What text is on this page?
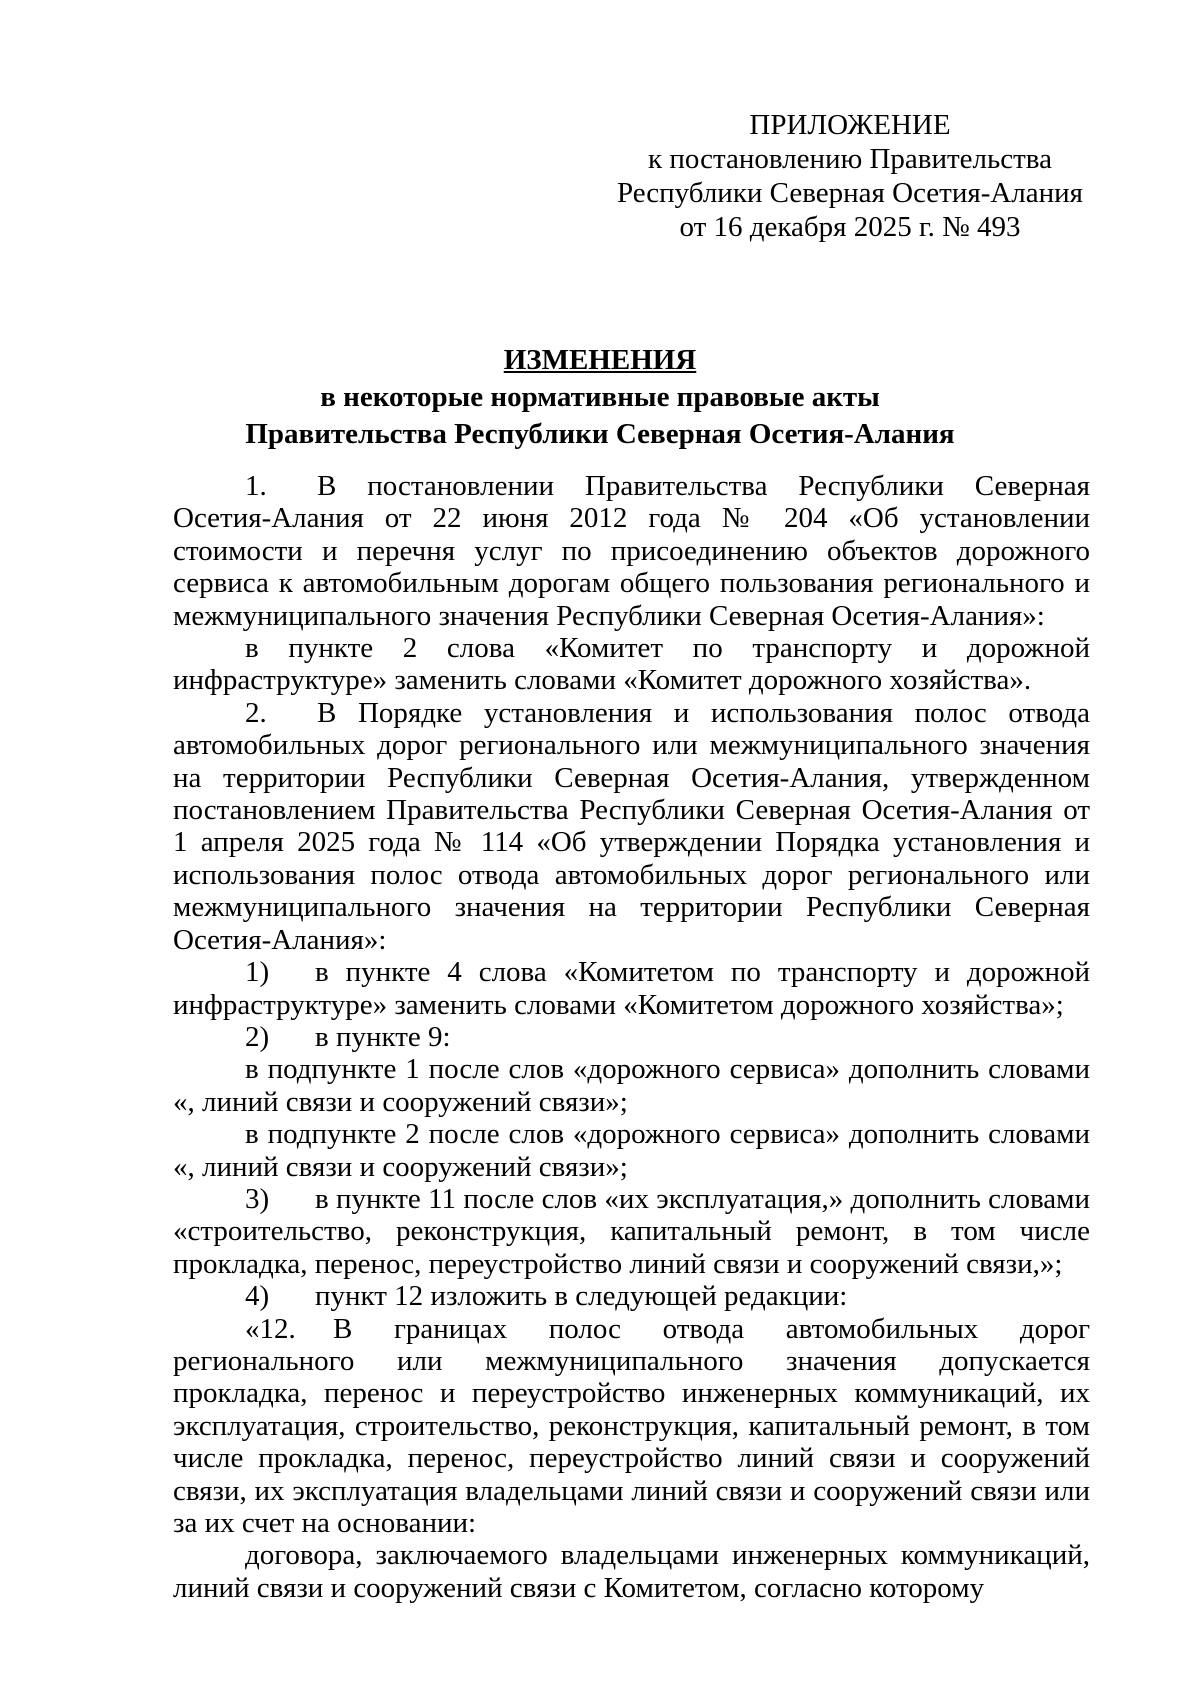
ПРИЛОЖЕНИЕ
к постановлению Правительства
Республики Северная Осетия-Алания
от 16 декабря 2025 г. № 493
ИЗМЕНЕНИЯ
в некоторые нормативные правовые акты
Правительства Республики Северная Осетия-Алания

1. В постановлении Правительства Республики Северная Осетия-Алания от 22 июня 2012 года № 204 «Об установлении стоимости и перечня услуг по присоединению объектов дорожного сервиса к автомобильным дорогам общего пользования регионального и межмуниципального значения Республики Северная Осетия-Алания»:

в пункте 2 слова «Комитет по транспорту и дорожной инфраструктуре» заменить словами «Комитет дорожного хозяйства».

2. В Порядке установления и использования полос отвода автомобильных дорог регионального или межмуниципального значения на территории Республики Северная Осетия-Алания, утвержденном постановлением Правительства Республики Северная Осетия-Алания от 1 апреля 2025 года № 114 «Об утверждении Порядка установления и использования полос отвода автомобильных дорог регионального или межмуниципального значения на территории Республики Северная Осетия-Алания»:

1) в пункте 4 слова «Комитетом по транспорту и дорожной инфраструктуре» заменить словами «Комитетом дорожного хозяйства»;

2) в пункте 9:

в подпункте 1 после слов «дорожного сервиса» дополнить словами «, линий связи и сооружений связи»;

в подпункте 2 после слов «дорожного сервиса» дополнить словами «, линий связи и сооружений связи»;

3) в пункте 11 после слов «их эксплуатация,» дополнить словами «строительство, реконструкция, капитальный ремонт, в том числе прокладка, перенос, переустройство линий связи и сооружений связи,»;

4) пункт 12 изложить в следующей редакции:

«12. В границах полос отвода автомобильных дорог регионального или межмуниципального значения допускается прокладка, перенос и переустройство инженерных коммуникаций, их эксплуатация, строительство, реконструкция, капитальный ремонт, в том числе прокладка, перенос, переустройство линий связи и сооружений связи, их эксплуатация владельцами линий связи и сооружений связи или за их счет на основании:

договора, заключаемого владельцами инженерных коммуникаций, линий связи и сооружений связи с Комитетом, согласно которому
